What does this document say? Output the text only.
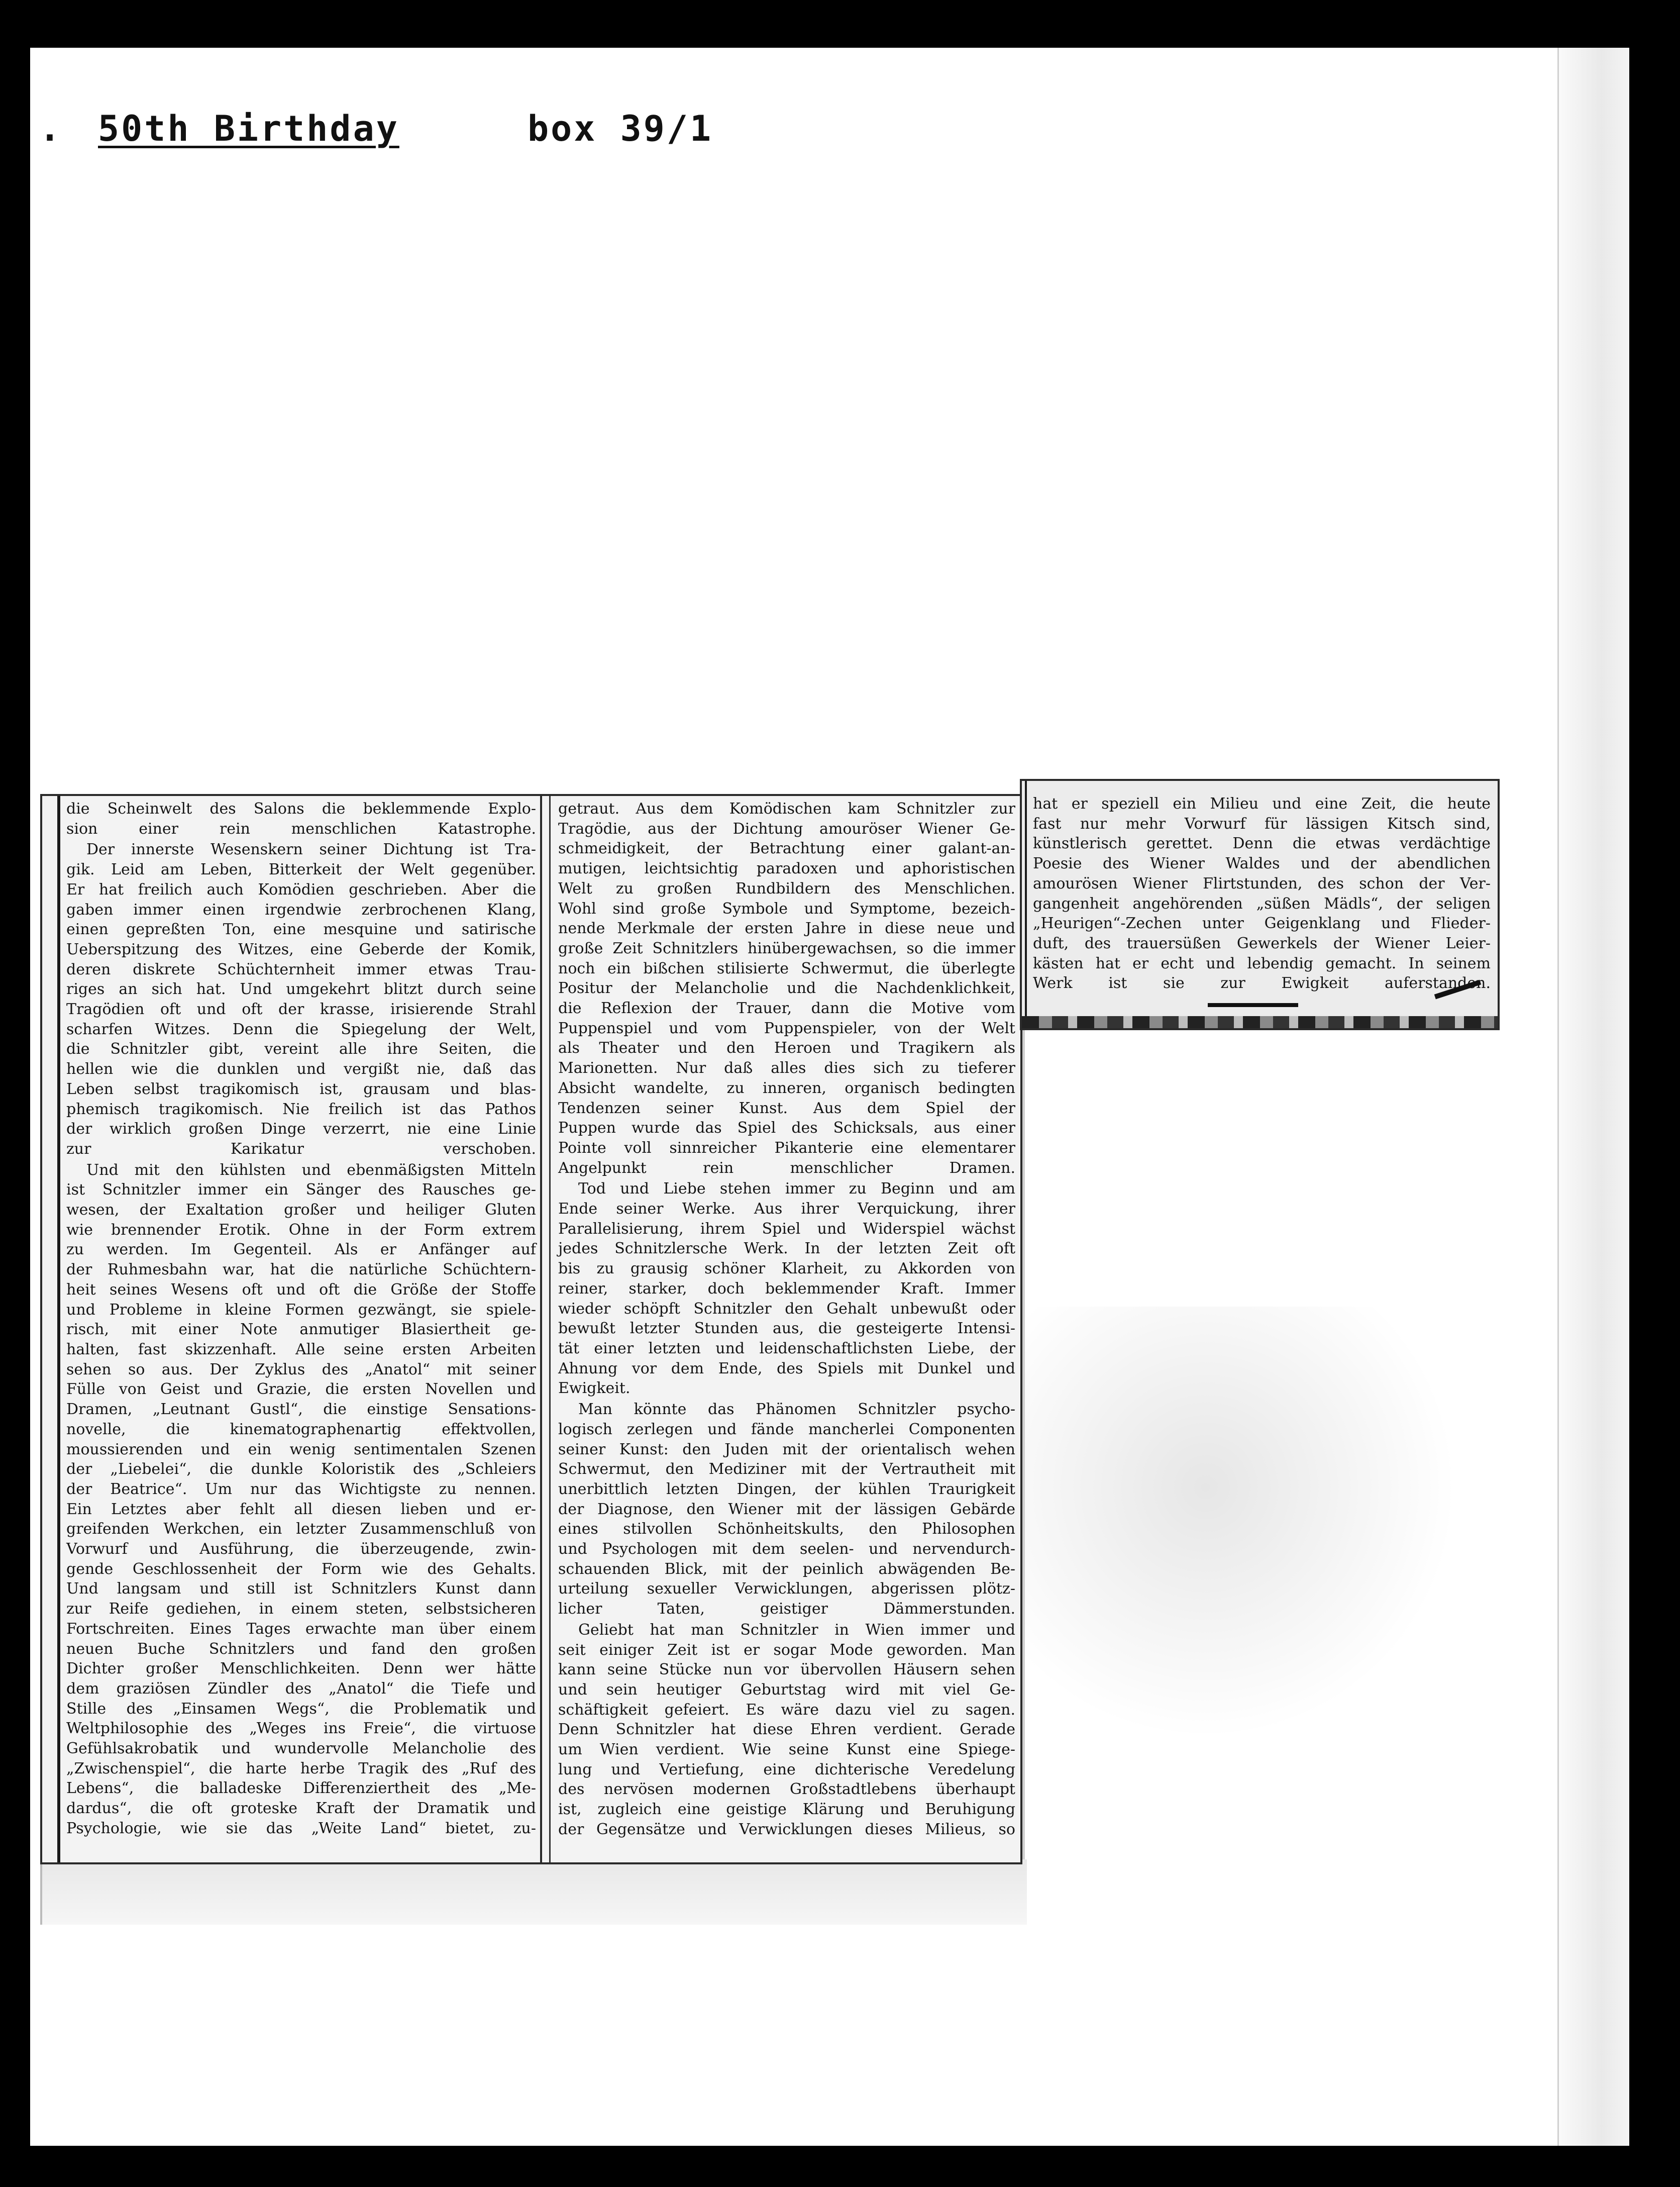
. 50th Birthday	box 39/1

die Scheinwelt des Salons die beklemmende Explo-
sion einer rein menschlichen Katastrophe.

Der innerste Wesenskern seiner Dichtung ist Tra-
gik. Leid am Leben, Bitterkeit der Welt gegenüber.
Er hat freilich auch Komödien geschrieben. Aber die
gaben immer einen irgendwie zerbrochenen Klang,
einen gepreßten Ton, eine mesquine und satirische
Ueberspitzung des Witzes, eine Geberde der Komik,
deren diskrete Schüchternheit immer etwas Trau-
riges an sich hat. Und umgekehrt blitzt durch seine
Tragödien oft und oft der krasse, irisierende Strahl
scharfen Witzes. Denn die Spiegelung der Welt,
die Schnitzler gibt, vereint alle ihre Seiten, die
hellen wie die dunklen und vergißt nie, daß das
Leben selbst tragikomisch ist, grausam und blas-
phemisch tragikomisch. Nie freilich ist das Pathos
der wirklich großen Dinge verzerrt, nie eine Linie
zur Karikatur verschoben.

Und mit den kühlsten und ebenmäßigsten Mitteln
ist Schnitzler immer ein Sänger des Rausches ge-
wesen, der Exaltation großer und heiliger Gluten
wie brennender Erotik. Ohne in der Form extrem
zu werden. Im Gegenteil. Als er Anfänger auf
der Ruhmesbahn war, hat die natürliche Schüchtern-
heit seines Wesens oft und oft die Größe der Stoffe
und Probleme in kleine Formen gezwängt, sie spiele-
risch, mit einer Note anmutiger Blasiertheit ge-
halten, fast skizzenhaft. Alle seine ersten Arbeiten
sehen so aus. Der Zyklus des „Anatol“ mit seiner
Fülle von Geist und Grazie, die ersten Novellen und
Dramen, „Leutnant Gustl“, die einstige Sensations-
novelle, die kinematographenartig effektvollen,
moussierenden und ein wenig sentimentalen Szenen
der „Liebelei“, die dunkle Koloristik des „Schleiers
der Beatrice“. Um nur das Wichtigste zu nennen.
Ein Letztes aber fehlt all diesen lieben und er-
greifenden Werkchen, ein letzter Zusammenschluß von
Vorwurf und Ausführung, die überzeugende, zwin-
gende Geschlossenheit der Form wie des Gehalts.
Und langsam und still ist Schnitzlers Kunst dann
zur Reife gediehen, in einem steten, selbstsicheren
Fortschreiten. Eines Tages erwachte man über einem
neuen Buche Schnitzlers und fand den großen
Dichter großer Menschlichkeiten. Denn wer hätte
dem graziösen Zündler des „Anatol“ die Tiefe und
Stille des „Einsamen Wegs“, die Problematik und
Weltphilosophie des „Weges ins Freie“, die virtuose
Gefühlsakrobatik und wundervolle Melancholie des
„Zwischenspiel“, die harte herbe Tragik des „Ruf des
Lebens“, die balladeske Differenziertheit des „Me-
dardus“, die oft groteske Kraft der Dramatik und
Psychologie, wie sie das „Weite Land“ bietet, zu-

getraut. Aus dem Komödischen kam Schnitzler zur
Tragödie, aus der Dichtung amouröser Wiener Ge-
schmeidigkeit, der Betrachtung einer galant-an-
mutigen, leichtsichtig paradoxen und aphoristischen
Welt zu großen Rundbildern des Menschlichen.
Wohl sind große Symbole und Symptome, bezeich-
nende Merkmale der ersten Jahre in diese neue und
große Zeit Schnitzlers hinübergewachsen, so die immer
noch ein bißchen stilisierte Schwermut, die überlegte
Positur der Melancholie und die Nachdenklichkeit,
die Reflexion der Trauer, dann die Motive vom
Puppenspiel und vom Puppenspieler, von der Welt
als Theater und den Heroen und Tragikern als
Marionetten. Nur daß alles dies sich zu tieferer
Absicht wandelte, zu inneren, organisch bedingten
Tendenzen seiner Kunst. Aus dem Spiel der
Puppen wurde das Spiel des Schicksals, aus einer
Pointe voll sinnreicher Pikanterie eine elementarer
Angelpunkt rein menschlicher Dramen.

Tod und Liebe stehen immer zu Beginn und am
Ende seiner Werke. Aus ihrer Verquickung, ihrer
Parallelisierung, ihrem Spiel und Widerspiel wächst
jedes Schnitzlersche Werk. In der letzten Zeit oft
bis zu grausig schöner Klarheit, zu Akkorden von
reiner, starker, doch beklemmender Kraft. Immer
wieder schöpft Schnitzler den Gehalt unbewußt oder
bewußt letzter Stunden aus, die gesteigerte Intensi-
tät einer letzten und leidenschaftlichsten Liebe, der
Ahnung vor dem Ende, des Spiels mit Dunkel und
Ewigkeit.

Man könnte das Phänomen Schnitzler psycho-
logisch zerlegen und fände mancherlei Componenten
seiner Kunst: den Juden mit der orientalisch wehen
Schwermut, den Mediziner mit der Vertrautheit mit
unerbittlich letzten Dingen, der kühlen Traurigkeit
der Diagnose, den Wiener mit der lässigen Gebärde
eines stilvollen Schönheitskults, den Philosophen
und Psychologen mit dem seelen- und nervendurch-
schauenden Blick, mit der peinlich abwägenden Be-
urteilung sexueller Verwicklungen, abgerissen plötz-
licher Taten, geistiger Dämmerstunden.

Geliebt hat man Schnitzler in Wien immer und
seit einiger Zeit ist er sogar Mode geworden. Man
kann seine Stücke nun vor übervollen Häusern sehen
und sein heutiger Geburtstag wird mit viel Ge-
schäftigkeit gefeiert. Es wäre dazu viel zu sagen.
Denn Schnitzler hat diese Ehren verdient. Gerade
um Wien verdient. Wie seine Kunst eine Spiege-
lung und Vertiefung, eine dichterische Veredelung
des nervösen modernen Großstadtlebens überhaupt
ist, zugleich eine geistige Klärung und Beruhigung
der Gegensätze und Verwicklungen dieses Milieus, so

hat er speziell ein Milieu und eine Zeit, die heute
fast nur mehr Vorwurf für lässigen Kitsch sind,
künstlerisch gerettet. Denn die etwas verdächtige
Poesie des Wiener Waldes und der abendlichen
amourösen Wiener Flirtstunden, des schon der Ver-
gangenheit angehörenden „süßen Mädls“, der seligen
„Heurigen“-Zechen unter Geigenklang und Flieder-
duft, des trauersüßen Gewerkels der Wiener Leier-
kästen hat er echt und lebendig gemacht. In seinem
Werk ist sie zur Ewigkeit auferstanden.
